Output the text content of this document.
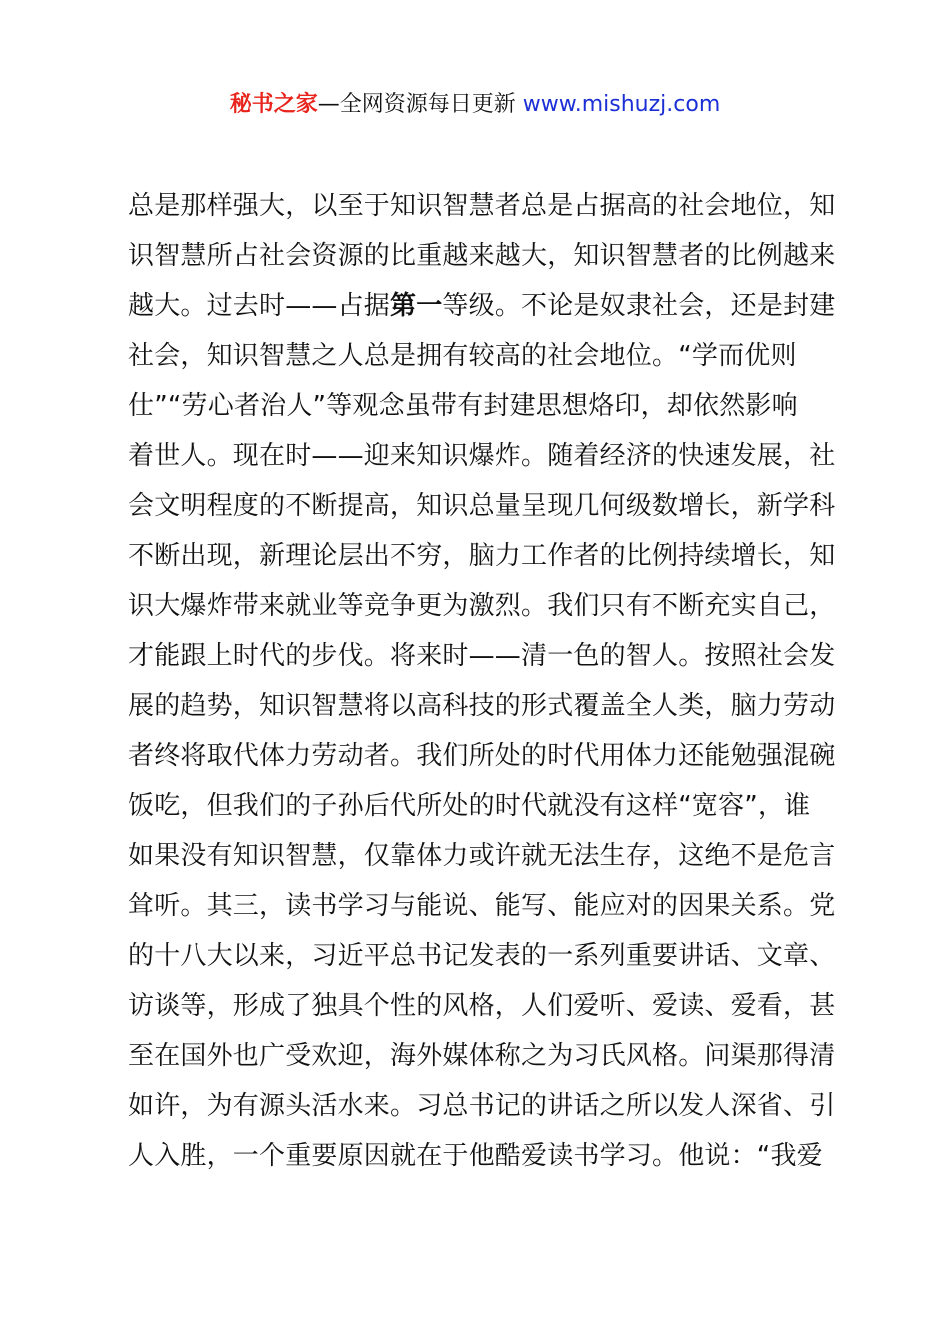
秘书之家—全网资源每日更新 www.mishuzj.com
总是那样强大，以至于知识智慧者总是占据高的社会地位，知
识智慧所占社会资源的比重越来越大，知识智慧者的比例越来
越大。过去时——占据第一等级。不论是奴隶社会，还是封建
社会，知识智慧之人总是拥有较高的社会地位。“学而优则
仕”“劳心者治人”等观念虽带有封建思想烙印，却依然影响
着世人。现在时——迎来知识爆炸。随着经济的快速发展，社
会文明程度的不断提高，知识总量呈现几何级数增长，新学科
不断出现，新理论层出不穷，脑力工作者的比例持续增长，知
识大爆炸带来就业等竞争更为激烈。我们只有不断充实自己，
才能跟上时代的步伐。将来时——清一色的智人。按照社会发
展的趋势，知识智慧将以高科技的形式覆盖全人类，脑力劳动
者终将取代体力劳动者。我们所处的时代用体力还能勉强混碗
饭吃，但我们的子孙后代所处的时代就没有这样“宽容”，谁
如果没有知识智慧，仅靠体力或许就无法生存，这绝不是危言
耸听。其三，读书学习与能说、能写、能应对的因果关系。党
的十八大以来，习近平总书记发表的一系列重要讲话、文章、
访谈等，形成了独具个性的风格，人们爱听、爱读、爱看，甚
至在国外也广受欢迎，海外媒体称之为习氏风格。问渠那得清
如许，为有源头活水来。习总书记的讲话之所以发人深省、引
人入胜，一个重要原因就在于他酷爱读书学习。他说：“我爱
